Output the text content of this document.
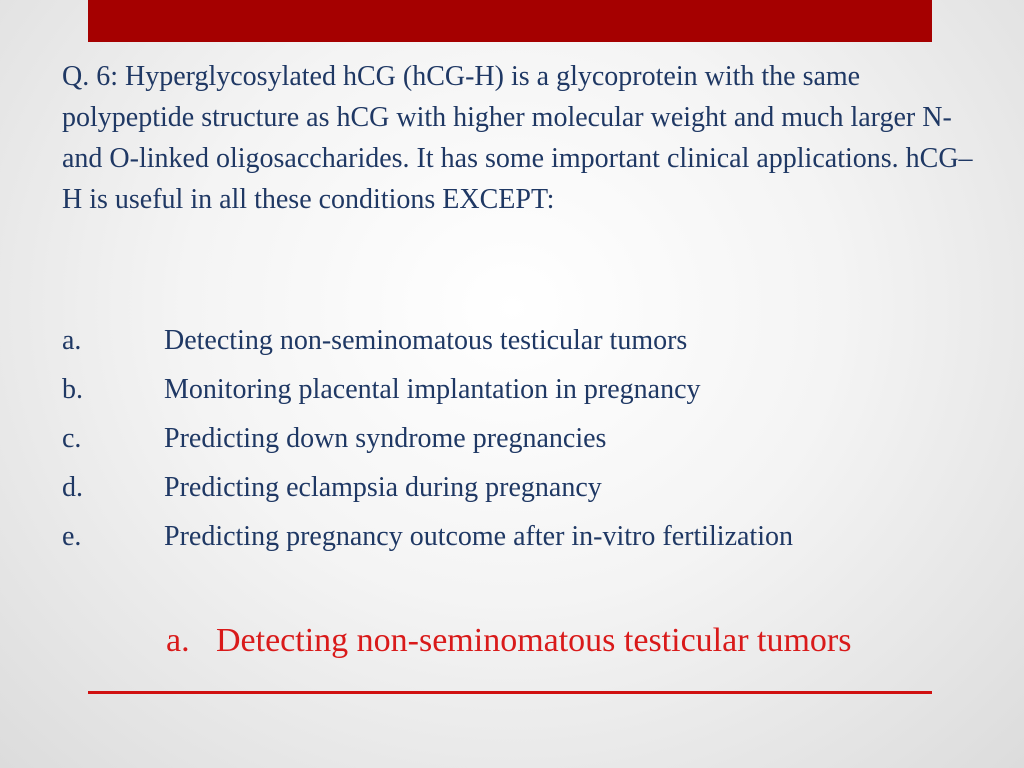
Q. 6: Hyperglycosylated hCG (hCG-H) is a glycoprotein with the same polypeptide structure as hCG with higher molecular weight and much larger N- and O-linked oligosaccharides. It has some important clinical applications. hCG–H is useful in all these conditions EXCEPT:

a.	Detecting non-seminomatous testicular tumors
b.	Monitoring placental implantation in pregnancy
c.	Predicting down syndrome pregnancies
d.	Predicting eclampsia during pregnancy
e.	Predicting pregnancy outcome after in-vitro fertilization
a. Detecting non-seminomatous testicular tumors
